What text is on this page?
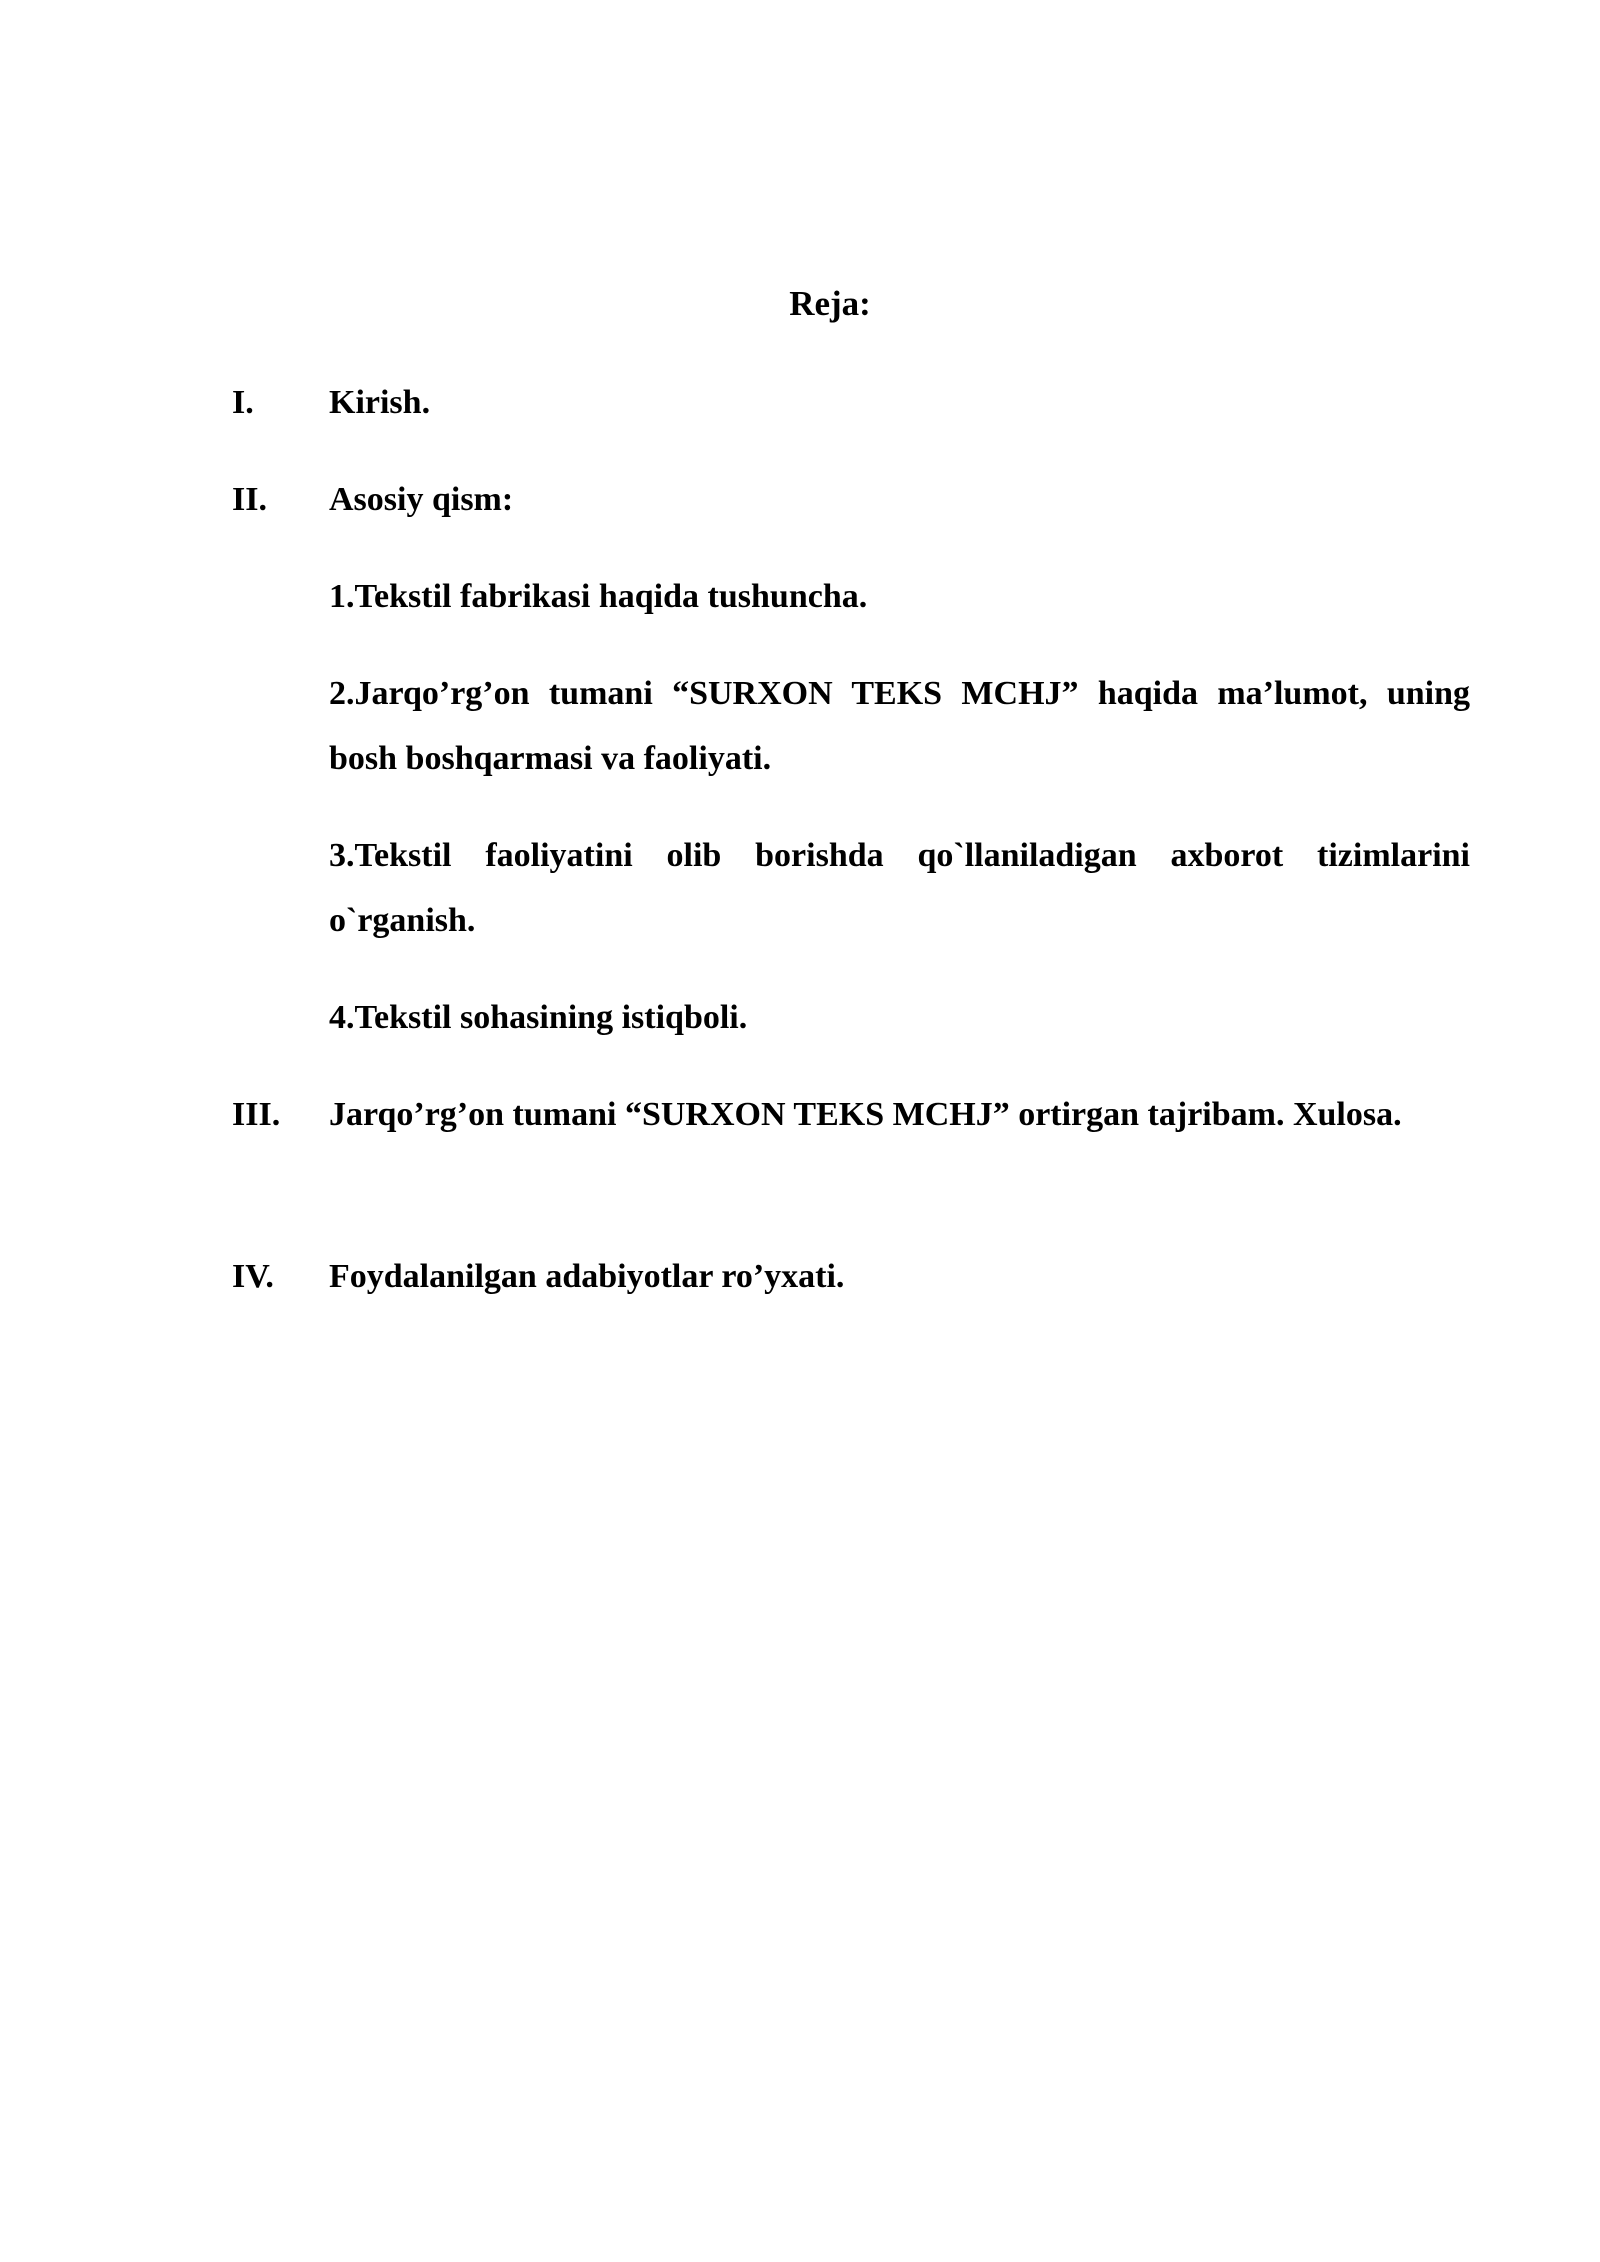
Reja:
I. Kirish.
II. Asosiy qism:
1.Tekstil fabrikasi haqida tushuncha.
2.Jarqo’rg’on tumani “SURXON TEKS MCHJ” haqida ma’lumot, uning bosh boshqarmasi va faoliyati.
3.Tekstil faoliyatini olib borishda qo`llaniladigan axborot tizimlarini o`rganish.
4.Tekstil sohasining istiqboli.
III. Jarqo’rg’on tumani “SURXON TEKS MCHJ” ortirgan tajribam. Xulosa.
IV. Foydalanilgan adabiyotlar ro’yxati.
